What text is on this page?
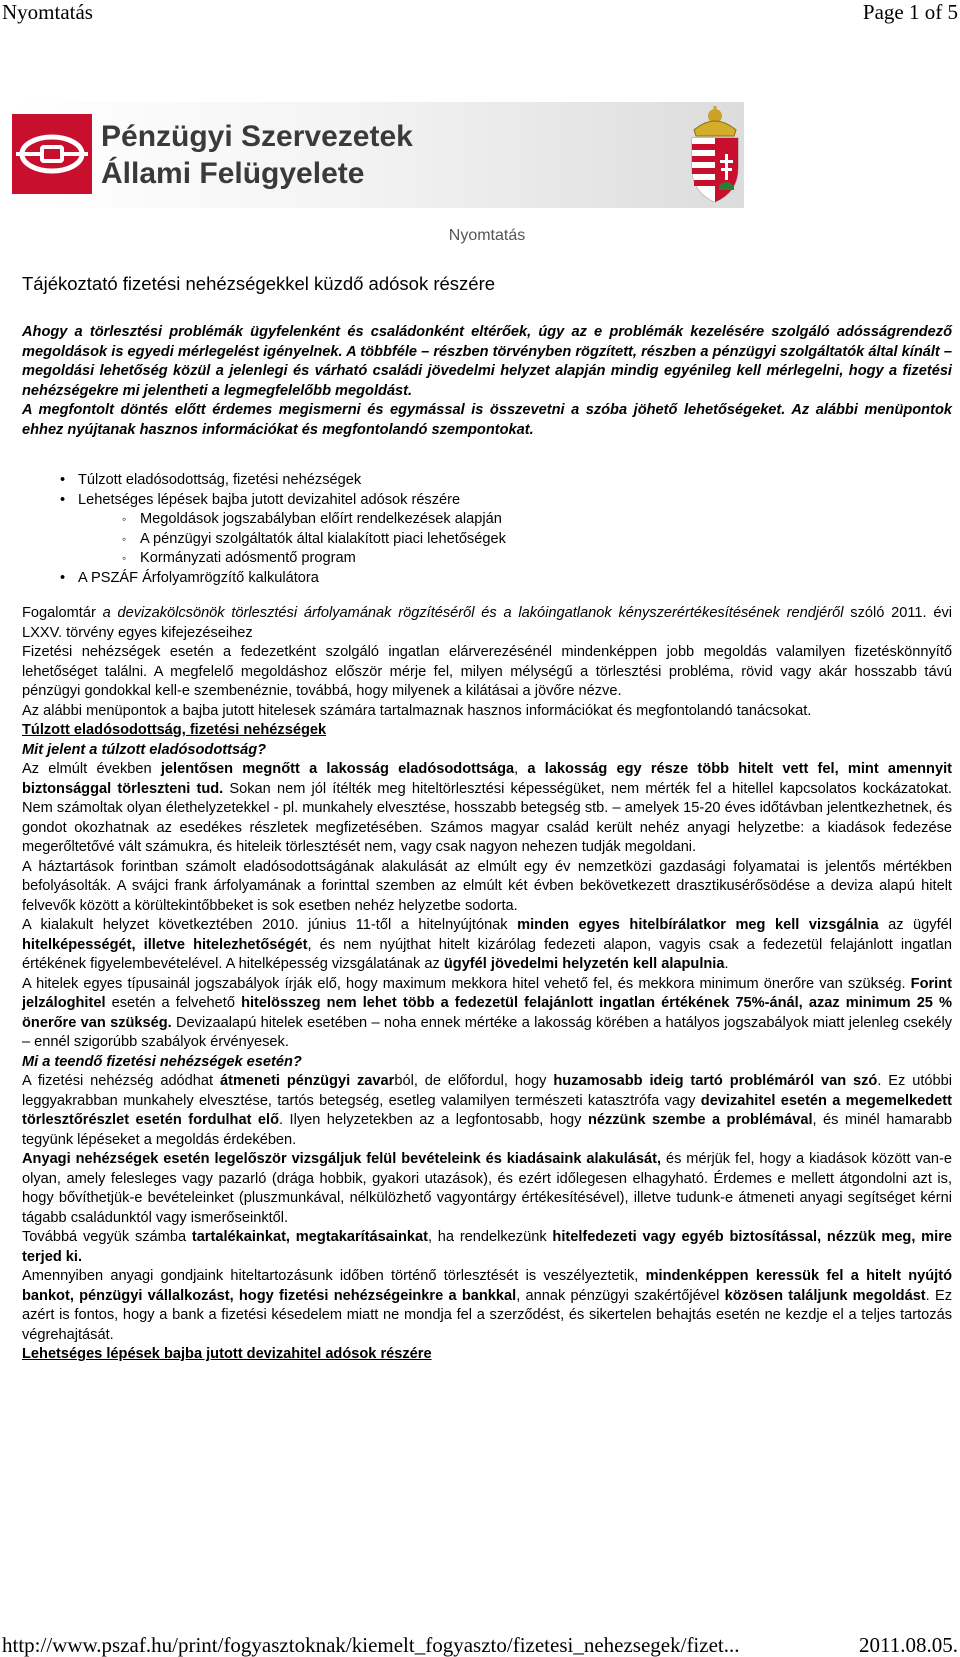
Nyomtatás	Page 1 of 5
Pénzügyi Szervezetek
Állami Felügyelete
Nyomtatás
Tájékoztató fizetési nehézségekkel küzdő adósok részére

Ahogy a törlesztési problémák ügyfelenként és családonként eltérőek, úgy az e problémák kezelésére szolgáló adósságrendező megoldások is egyedi mérlegelést igényelnek. A többféle – részben törvényben rögzített, részben a pénzügyi szolgáltatók által kínált – megoldási lehetőség közül a jelenlegi és várható családi jövedelmi helyzet alapján mindig egyénileg kell mérlegelni, hogy a fizetési nehézségekre mi jelentheti a legmegfelelőbb megoldást.

A megfontolt döntés előtt érdemes megismerni és egymással is összevetni a szóba jöhető lehetőségeket. Az alábbi menüpontok ehhez nyújtanak hasznos információkat és megfontolandó szempontokat.

• Túlzott eladósodottság, fizetési nehézségek
• Lehetséges lépések bajba jutott devizahitel adósok részére
◦ Megoldások jogszabályban előírt rendelkezések alapján
◦ A pénzügyi szolgáltatók által kialakított piaci lehetőségek
◦ Kormányzati adósmentő program
• A PSZÁF Árfolyamrögzítő kalkulátora

Fogalomtár a devizakölcsönök törlesztési árfolyamának rögzítéséről és a lakóingatlanok kényszerértékesítésének rendjéről szóló 2011. évi LXXV. törvény egyes kifejezéseihez

Fizetési nehézségek esetén a fedezetként szolgáló ingatlan elárverezésénél mindenképpen jobb megoldás valamilyen fizetéskönnyítő lehetőséget találni. A megfelelő megoldáshoz először mérje fel, milyen mélységű a törlesztési probléma, rövid vagy akár hosszabb távú pénzügyi gondokkal kell-e szembenéznie, továbbá, hogy milyenek a kilátásai a jövőre nézve.

Az alábbi menüpontok a bajba jutott hitelesek számára tartalmaznak hasznos információkat és megfontolandó tanácsokat.

Túlzott eladósodottság, fizetési nehézségek

Mit jelent a túlzott eladósodottság?

Az elmúlt években jelentősen megnőtt a lakosság eladósodottsága, a lakosság egy része több hitelt vett fel, mint amennyit biztonsággal törleszteni tud. Sokan nem jól ítélték meg hiteltörlesztési képességüket, nem mérték fel a hitellel kapcsolatos kockázatokat. Nem számoltak olyan élethelyzetekkel - pl. munkahely elvesztése, hosszabb betegség stb. – amelyek 15-20 éves időtávban jelentkezhetnek, és gondot okozhatnak az esedékes részletek megfizetésében. Számos magyar család került nehéz anyagi helyzetbe: a kiadások fedezése megerőltetővé vált számukra, és hiteleik törlesztését nem, vagy csak nagyon nehezen tudják megoldani.

A háztartások forintban számolt eladósodottságának alakulását az elmúlt egy év nemzetközi gazdasági folyamatai is jelentős mértékben befolyásolták. A svájci frank árfolyamának a forinttal szemben az elmúlt két évben bekövetkezett drasztikusérősödése a deviza alapú hitelt felvevők között a körültekintőbbeket is sok esetben nehéz helyzetbe sodorta.

A kialakult helyzet következtében 2010. június 11-től a hitelnyújtónak minden egyes hitelbírálatkor meg kell vizsgálnia az ügyfél hitelképességét, illetve hitelezhetőségét, és nem nyújthat hitelt kizárólag fedezeti alapon, vagyis csak a fedezetül felajánlott ingatlan értékének figyelembevételével. A hitelképesség vizsgálatának az ügyfél jövedelmi helyzetén kell alapulnia.

A hitelek egyes típusainál jogszabályok írják elő, hogy maximum mekkora hitel vehető fel, és mekkora minimum önerőre van szükség. Forint jelzáloghitel esetén a felvehető hitelösszeg nem lehet több a fedezetül felajánlott ingatlan értékének 75%-ánál, azaz minimum 25 % önerőre van szükség. Devizaalapú hitelek esetében – noha ennek mértéke a lakosság körében a hatályos jogszabályok miatt jelenleg csekély – ennél szigorúbb szabályok érvényesek.

Mi a teendő fizetési nehézségek esetén?

A fizetési nehézség adódhat átmeneti pénzügyi zavarból, de előfordul, hogy huzamosabb ideig tartó problémáról van szó. Ez utóbbi leggyakrabban munkahely elvesztése, tartós betegség, esetleg valamilyen természeti katasztrófa vagy devizahitel esetén a megemelkedett törlesztőrészlet esetén fordulhat elő. Ilyen helyzetekben az a legfontosabb, hogy nézzünk szembe a problémával, és minél hamarabb tegyünk lépéseket a megoldás érdekében.

Anyagi nehézségek esetén legelőször vizsgáljuk felül bevételeink és kiadásaink alakulását, és mérjük fel, hogy a kiadások között van-e olyan, amely felesleges vagy pazarló (drága hobbik, gyakori utazások), és ezért időlegesen elhagyható. Érdemes e mellett átgondolni azt is, hogy bővíthetjük-e bevételeinket (pluszmunkával, nélkülözhető vagyontárgy értékesítésével), illetve tudunk-e átmeneti anyagi segítséget kérni tágabb családunktól vagy ismerőseinktől.

Továbbá vegyük számba tartalékainkat, megtakarításainkat, ha rendelkezünk hitelfedezeti vagy egyéb biztosítással, nézzük meg, mire terjed ki.

Amennyiben anyagi gondjaink hiteltartozásunk időben történő törlesztését is veszélyeztetik, mindenképpen keressük fel a hitelt nyújtó bankot, pénzügyi vállalkozást, hogy fizetési nehézségeinkre a bankkal, annak pénzügyi szakértőjével közösen találjunk megoldást. Ez azért is fontos, hogy a bank a fizetési késedelem miatt ne mondja fel a szerződést, és sikertelen behajtás esetén ne kezdje el a teljes tartozás végrehajtását.

Lehetséges lépések bajba jutott devizahitel adósok részére

http://www.pszaf.hu/print/fogyasztoknak/kiemelt_fogyaszto/fizetesi_nehezsegek/fizet...	2011.08.05.
